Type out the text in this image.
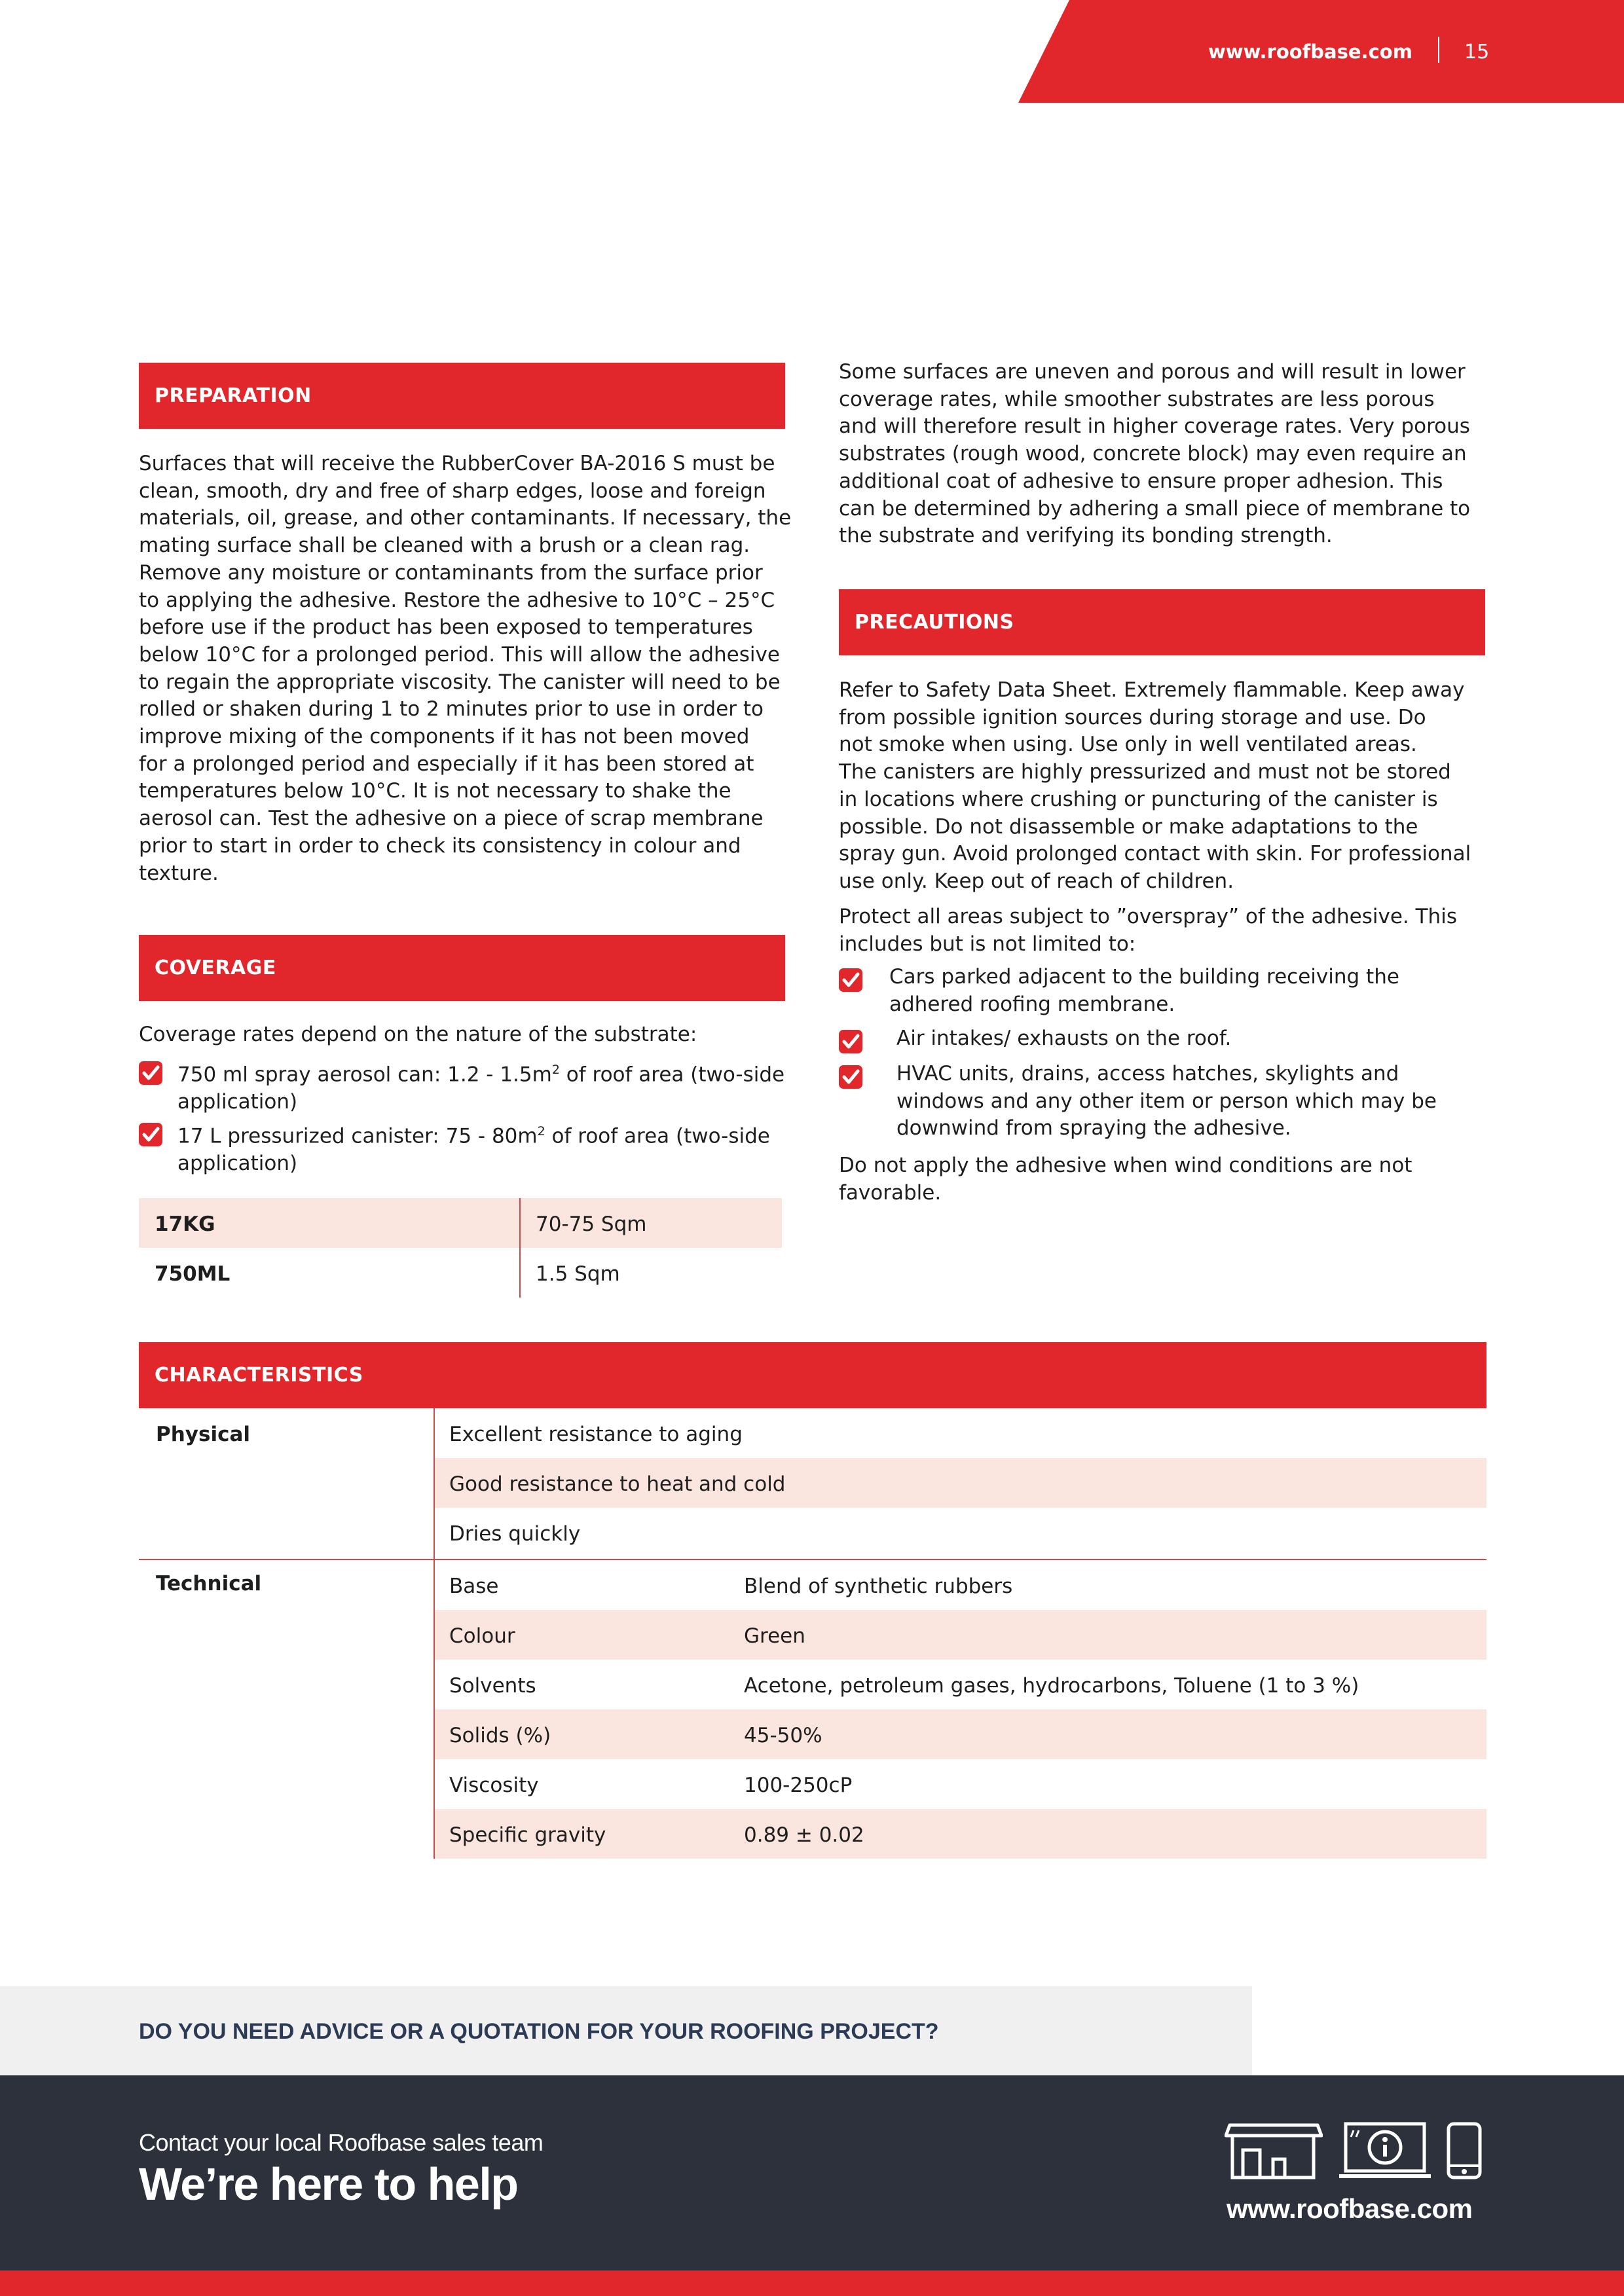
www.roofbase.com	15
PREPARATION
Surfaces that will receive the RubberCover BA-2016 S must be
clean, smooth, dry and free of sharp edges, loose and foreign
materials, oil, grease, and other contaminants. If necessary, the
mating surface shall be cleaned with a brush or a clean rag.
Remove any moisture or contaminants from the surface prior
to applying the adhesive. Restore the adhesive to 10°C – 25°C
before use if the product has been exposed to temperatures
below 10°C for a prolonged period. This will allow the adhesive
to regain the appropriate viscosity. The canister will need to be
rolled or shaken during 1 to 2 minutes prior to use in order to
improve mixing of the components if it has not been moved
for a prolonged period and especially if it has been stored at
temperatures below 10°C. It is not necessary to shake the
aerosol can. Test the adhesive on a piece of scrap membrane
prior to start in order to check its consistency in colour and
texture.
COVERAGE
Coverage rates depend on the nature of the substrate:
750 ml spray aerosol can: $1.2 - 1.5m^2$ of roof area (two-side
application)
17 L pressurized canister: $75 - 80m^2$ of roof area (two-side
application)
17KG	70-75 Sqm
750ML	1.5 Sqm
Some surfaces are uneven and porous and will result in lower
coverage rates, while smoother substrates are less porous
and will therefore result in higher coverage rates. Very porous
substrates (rough wood, concrete block) may even require an
additional coat of adhesive to ensure proper adhesion. This
can be determined by adhering a small piece of membrane to
the substrate and verifying its bonding strength.
PRECAUTIONS
Refer to Safety Data Sheet. Extremely flammable. Keep away
from possible ignition sources during storage and use. Do
not smoke when using. Use only in well ventilated areas.
The canisters are highly pressurized and must not be stored
in locations where crushing or puncturing of the canister is
possible. Do not disassemble or make adaptations to the
spray gun. Avoid prolonged contact with skin. For professional
use only. Keep out of reach of children.
Protect all areas subject to ”overspray” of the adhesive. This
includes but is not limited to:
Cars parked adjacent to the building receiving the
adhered roofing membrane.
Air intakes/ exhausts on the roof.
HVAC units, drains, access hatches, skylights and
windows and any other item or person which may be
downwind from spraying the adhesive.
Do not apply the adhesive when wind conditions are not
favorable.
CHARACTERISTICS
Physical	Excellent resistance to aging
Good resistance to heat and cold
Dries quickly
Technical	Base	Blend of synthetic rubbers
Colour	Green
Solvents	Acetone, petroleum gases, hydrocarbons, Toluene (1 to 3 %)
Solids (%)	45-50%
Viscosity	100-250cP
Specific gravity	0.89 ± 0.02
DO YOU NEED ADVICE OR A QUOTATION FOR YOUR ROOFING PROJECT?
Contact your local Roofbase sales team
We’re here to help	www.roofbase.com
